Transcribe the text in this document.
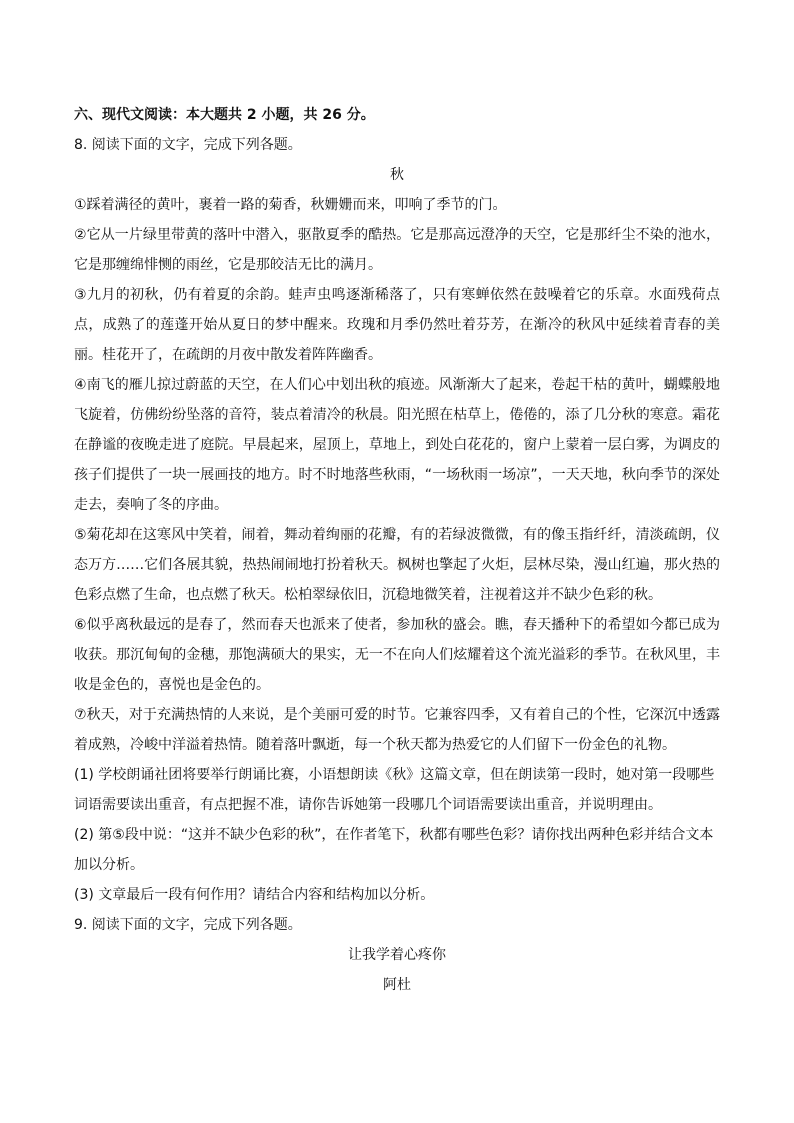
六、现代文阅读：本大题共 2 小题，共 26 分。
8. 阅读下面的文字，完成下列各题。
秋
①踩着满径的黄叶，裹着一路的菊香，秋姗姗而来，叩响了季节的门。
②它从一片绿里带黄的落叶中潜入，驱散夏季的酷热。它是那高远澄净的天空，它是那纤尘不染的池水，它是那缠绵悱恻的雨丝，它是那皎洁无比的满月。
③九月的初秋，仍有着夏的余韵。蛙声虫鸣逐渐稀落了，只有寒蝉依然在鼓噪着它的乐章。水面残荷点点，成熟了的莲蓬开始从夏日的梦中醒来。玫瑰和月季仍然吐着芬芳，在渐冷的秋风中延续着青春的美丽。桂花开了，在疏朗的月夜中散发着阵阵幽香。
④南飞的雁儿掠过蔚蓝的天空，在人们心中划出秋的痕迹。风渐渐大了起来，卷起干枯的黄叶，蝴蝶般地飞旋着，仿佛纷纷坠落的音符，装点着清冷的秋晨。阳光照在枯草上，倦倦的，添了几分秋的寒意。霜花在静谧的夜晚走进了庭院。早晨起来，屋顶上，草地上，到处白花花的，窗户上蒙着一层白雾，为调皮的孩子们提供了一块一展画技的地方。时不时地落些秋雨，“一场秋雨一场凉”，一天天地，秋向季节的深处走去，奏响了冬的序曲。
⑤菊花却在这寒风中笑着，闹着，舞动着绚丽的花瓣，有的若绿波微微，有的像玉指纤纤，清淡疏朗，仪态万方……它们各展其貌，热热闹闹地打扮着秋天。枫树也擎起了火炬，层林尽染，漫山红遍，那火热的色彩点燃了生命，也点燃了秋天。松柏翠绿依旧，沉稳地微笑着，注视着这并不缺少色彩的秋。
⑥似乎离秋最远的是春了，然而春天也派来了使者，参加秋的盛会。瞧，春天播种下的希望如今都已成为收获。那沉甸甸的金穗，那饱满硕大的果实，无一不在向人们炫耀着这个流光溢彩的季节。在秋风里，丰收是金色的，喜悦也是金色的。
⑦秋天，对于充满热情的人来说，是个美丽可爱的时节。它兼容四季，又有着自己的个性，它深沉中透露着成熟，冷峻中洋溢着热情。随着落叶飘逝，每一个秋天都为热爱它的人们留下一份金色的礼物。
(1) 学校朗诵社团将要举行朗诵比赛，小语想朗读《秋》这篇文章，但在朗读第一段时，她对第一段哪些词语需要读出重音，有点把握不准，请你告诉她第一段哪几个词语需要读出重音，并说明理由。
(2) 第⑤段中说：“这并不缺少色彩的秋”，在作者笔下，秋都有哪些色彩？请你找出两种色彩并结合文本加以分析。
(3) 文章最后一段有何作用？请结合内容和结构加以分析。
9. 阅读下面的文字，完成下列各题。
让我学着心疼你
阿杜
